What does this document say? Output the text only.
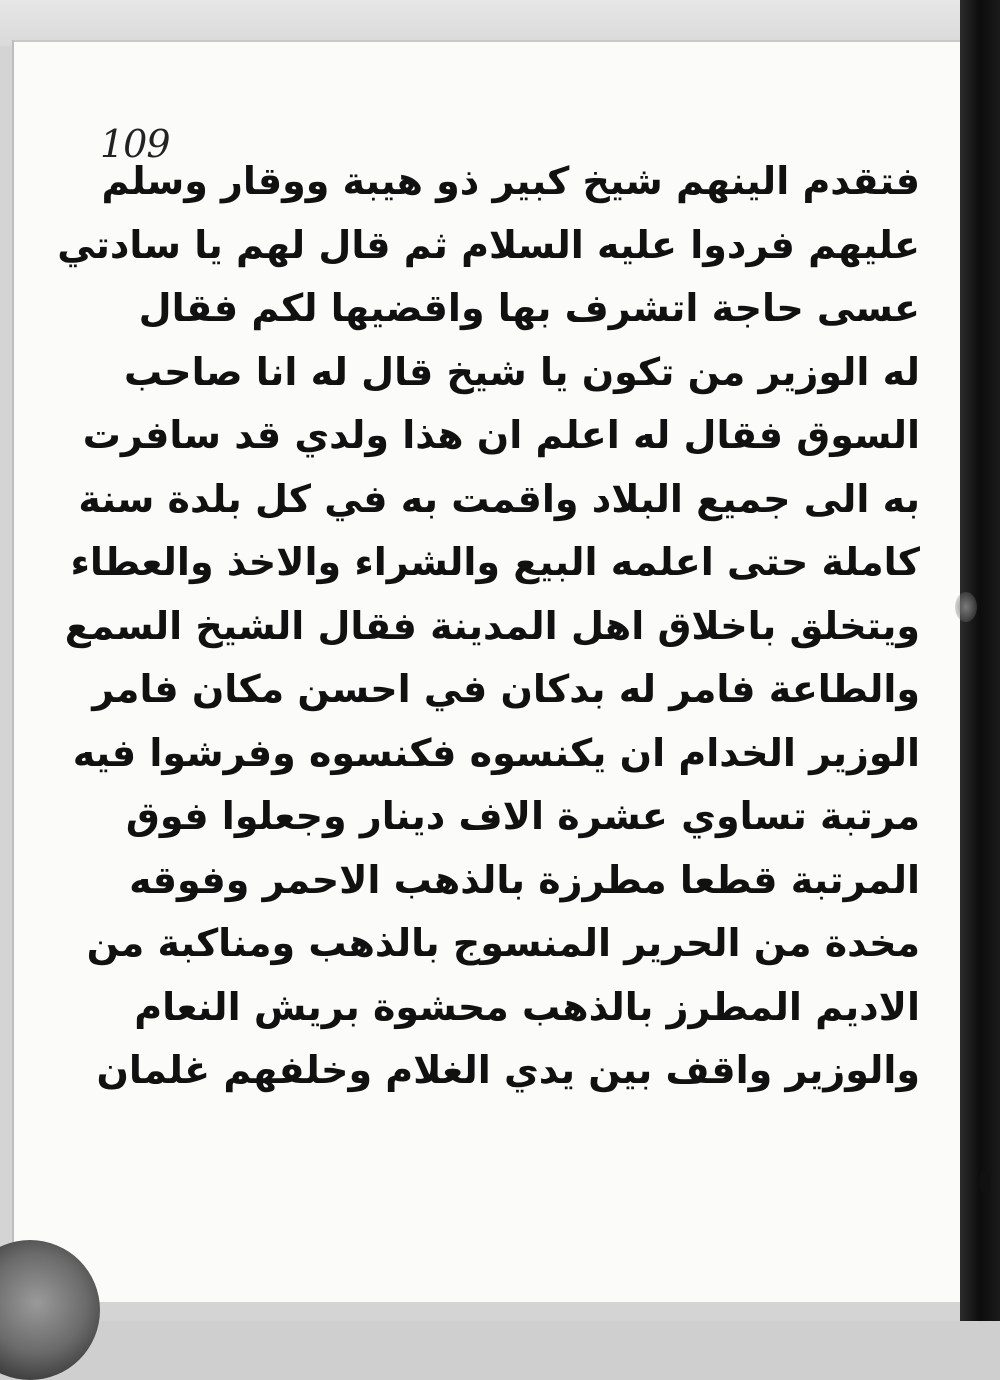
109
فتقدم الينهم شيخ كبير ذو هيبة ووقار وسلم
عليهم فردوا عليه السلام ثم قال لهم يا سادتي
عسى حاجة اتشرف بها واقضيها لكم فقال
له الوزير من تكون يا شيخ قال له انا صاحب
السوق فقال له اعلم ان هذا ولدي قد سافرت
به الى جميع البلاد واقمت به في كل بلدة سنة
كاملة حتى اعلمه البيع والشراء والاخذ والعطاء
ويتخلق باخلاق اهل المدينة فقال الشيخ السمع
والطاعة فامر له بدكان في احسن مكان فامر
الوزير الخدام ان يكنسوه فكنسوه وفرشوا فيه
مرتبة تساوي عشرة الاف دينار وجعلوا فوق
المرتبة قطعا مطرزة بالذهب الاحمر وفوقه
مخدة من الحرير المنسوج بالذهب ومناكبة من
الاديم المطرز بالذهب محشوة بريش النعام
والوزير واقف بين يدي الغلام وخلفهم غلمان
